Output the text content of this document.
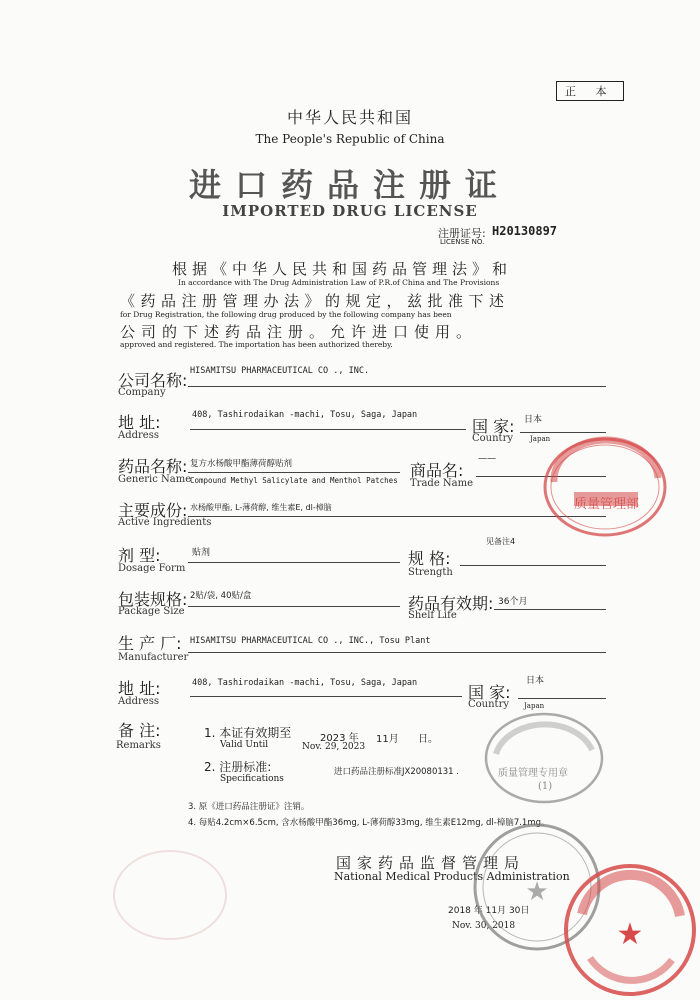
正 本
中华人民共和国
The People's Republic of China
进口药品注册证
IMPORTED DRUG LICENSE
注册证号:
LICENSE NO.
H20130897
根据《中华人民共和国药品管理法》和
In accordance with The Drug Administration Law of P.R.of China and The Provisions
《药品注册管理办法》的规定，兹批准下述
for Drug Registration, the following drug produced by the following company has been
公司的下述药品注册。允许进口使用。
approved and registered. The importation has been authorized thereby.
公司名称:
Company
HISAMITSU PHARMACEUTICAL CO ., INC.
地 址:
Address
408, Tashirodaikan -machi, Tosu, Saga, Japan
国 家:
Country
日本
Japan
药品名称:
Generic Name
复方水杨酸甲酯薄荷醇贴剂
Compound Methyl Salicylate and Menthol Patches
商品名:
Trade Name
——
主要成份:
Active Ingredients
水杨酸甲酯, L-薄荷醇, 维生素E, dl-樟脑
剂 型:
Dosage Form
贴剂	规 格:
Strength
见备注4
包装规格:
Package Size
2贴/袋, 40贴/盒	药品有效期:
Shelf Life
36个月
生 产 厂:
Manufacturer
HISAMITSU PHARMACEUTICAL CO ., INC., Tosu Plant
地 址:
Address
408, Tashirodaikan -machi, Tosu, Saga, Japan	国 家:
Country
日本
Japan
备 注:
Remarks
1. 本证有效期至
Valid Until
2023 年 11月 日。
Nov. 29, 2023
2. 注册标准:
Specifications
进口药品注册标准JX20080131 .
3. 原《进口药品注册证》注销。
4. 每贴4.2cm×6.5cm, 含水杨酸甲酯36mg, L-薄荷醇33mg, 维生素E12mg, dl-樟脑7.1mg。
国家药品监督管理局
National Medical Products Administration
2018 年 11月 30日
Nov. 30, 2018
质量管理部
质量管理专用章
(1)
★
★
